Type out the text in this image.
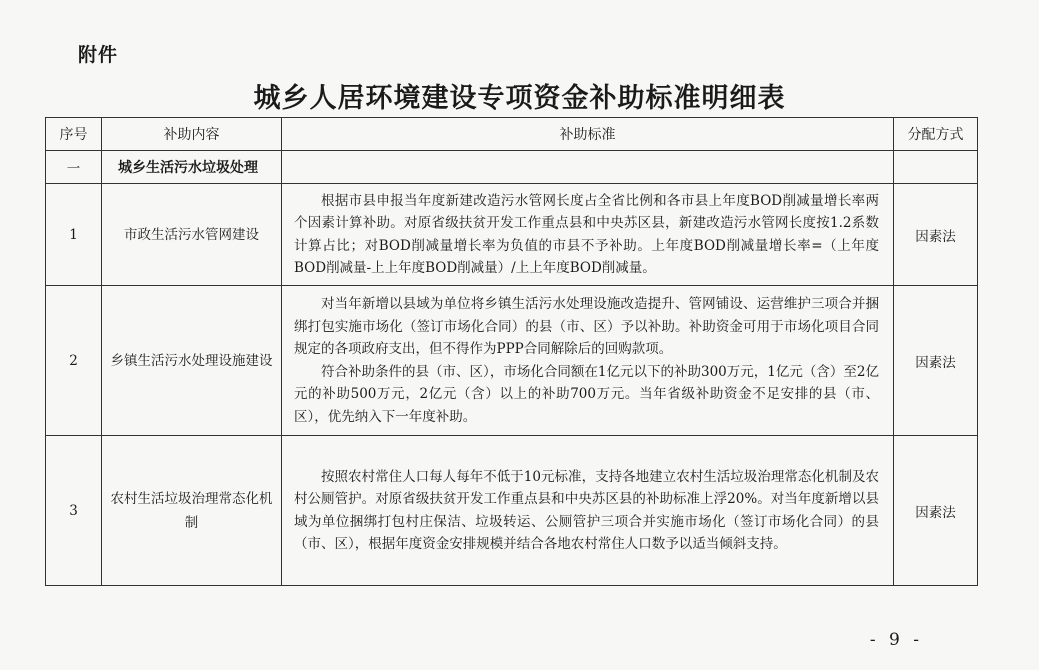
附件
城乡人居环境建设专项资金补助标准明细表
序号	补助内容	补助标准	分配方式
一	城乡生活污水垃圾处理		
1	市政生活污水管网建设	根据市县申报当年度新建改造污水管网长度占全省比例和各市县上年度BOD削减量增长率两个因素计算补助。对原省级扶贫开发工作重点县和中央苏区县，新建改造污水管网长度按1.2系数计算占比；对BOD削减量增长率为负值的市县不予补助。上年度BOD削减量增长率=（上年度BOD削减量-上上年度BOD削减量）/上上年度BOD削减量。	因素法
2	乡镇生活污水处理设施建设	对当年新增以县域为单位将乡镇生活污水处理设施改造提升、管网铺设、运营维护三项合并捆绑打包实施市场化（签订市场化合同）的县（市、区）予以补助。补助资金可用于市场化项目合同规定的各项政府支出，但不得作为PPP合同解除后的回购款项。

符合补助条件的县（市、区），市场化合同额在1亿元以下的补助300万元，1亿元（含）至2亿元的补助500万元，2亿元（含）以上的补助700万元。当年省级补助资金不足安排的县（市、区），优先纳入下一年度补助。	因素法
3	农村生活垃圾治理常态化机制	按照农村常住人口每人每年不低于10元标准，支持各地建立农村生活垃圾治理常态化机制及农村公厕管护。对原省级扶贫开发工作重点县和中央苏区县的补助标准上浮20%。对当年度新增以县域为单位捆绑打包村庄保洁、垃圾转运、公厕管护三项合并实施市场化（签订市场化合同）的县（市、区），根据年度资金安排规模并结合各地农村常住人口数予以适当倾斜支持。	因素法
- 9 -
